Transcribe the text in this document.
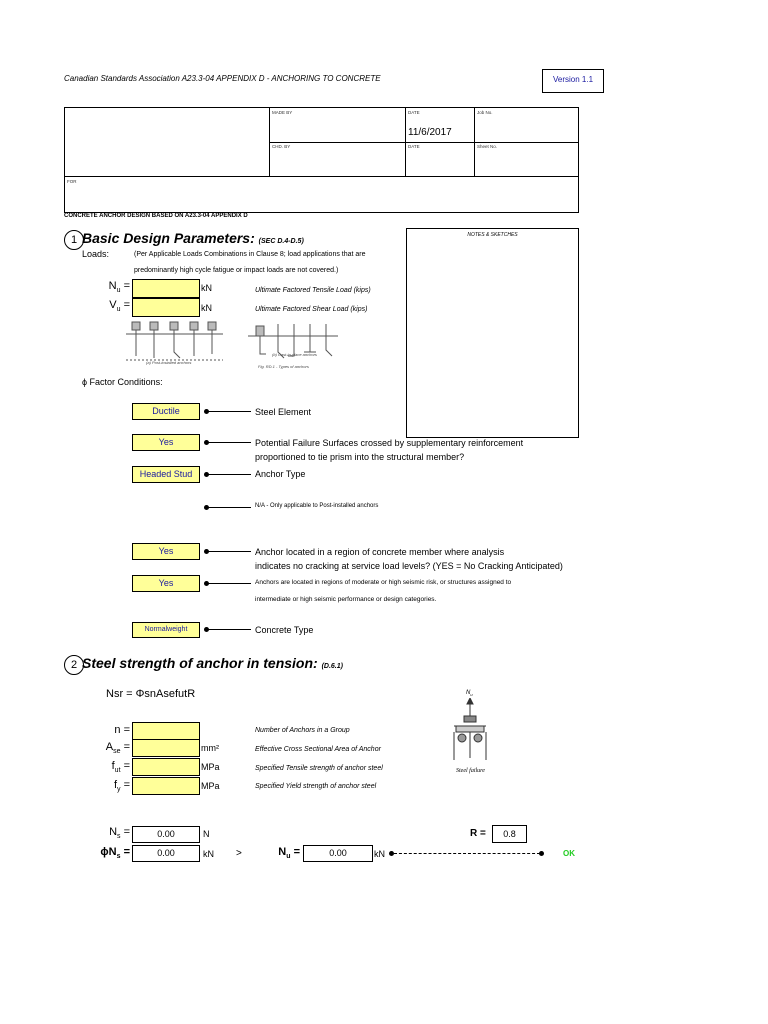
Canadian Standards Association A23.3-04 APPENDIX D - ANCHORING TO CONCRETE	Version 1.1
MADE BY	DATE	Job No.
11/6/2017
CHD. BY	DATE	Sheet No.
FOR
CONCRETE ANCHOR DESIGN BASED ON A23.3-04 APPENDIX D
NOTES & SKETCHES
1 Basic Design Parameters: (SEC D.4-D.5)
Loads:	(Per Applicable Loads Combinations in Clause 8; load applications that are
predominantly high cycle fatigue or impact loads are not covered.)
$N_u$ =	kN	Ultimate Factored Tensile Load (kips)
$V_u$ =	kN	Ultimate Factored Shear Load (kips)
(a) Post-installed anchors
(b) Cast-in-place anchors
Fig. RD.1 - Types of anchors
ϕ Factor Conditions:
Ductile	Steel Element
Yes	Potential Failure Surfaces crossed by supplementary reinforcement
proportioned to tie prism into the structural member?
Headed Stud	Anchor Type
N/A - Only applicable to Post-installed anchors
Yes	Anchor located in a region of concrete member where analysis
indicates no cracking at service load levels? (YES = No Cracking Anticipated)
Yes	Anchors are located in regions of moderate or high seismic risk, or structures assigned to
intermediate or high seismic performance or design categories.
Normalweight	Concrete Type
2 Steel strength of anchor in tension: (D.6.1)
Nsr = ΦsnAsefutR
n =	Number of Anchors in a Group
$A_{se}$ =	mm²	Effective Cross Sectional Area of Anchor
$f_{ut}$ =	MPa	Specified Tensile strength of anchor steel
$f_y$ =	MPa	Specified Yield strength of anchor steel
$N_u$
Steel failure
$N_s$ =	0.00	N
$\phi N_s$ =	0.00	kN >	$N_u$ =	0.00	kN	OK
R =	0.8
